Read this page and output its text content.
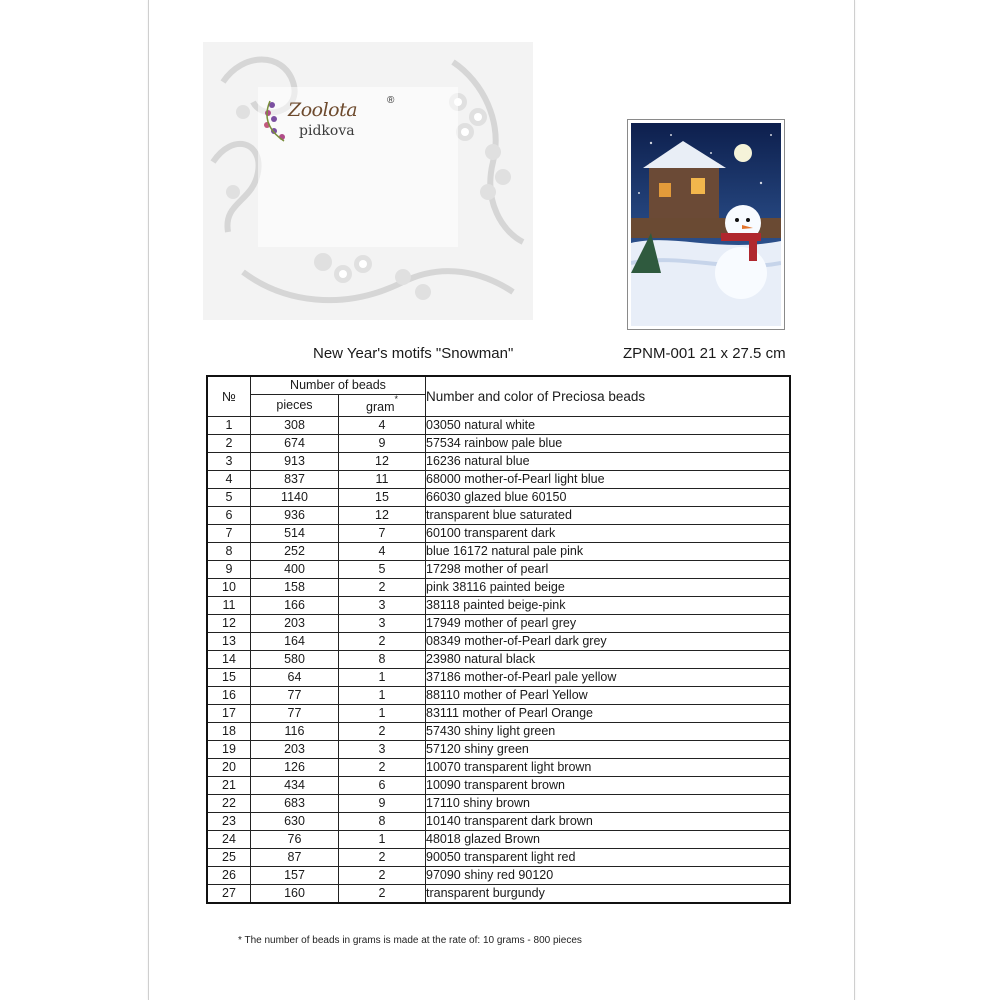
Zoolota	®
pidkova
New Year's motifs "Snowman"	ZPNM-001 21 x 27.5 cm
№	Number of beads		Number and color of Preciosa beads
	pieces	gram*
1	308	4	03050 natural white
2	674	9	57534 rainbow pale blue
3	913	12	16236 natural blue
4	837	11	68000 mother-of-Pearl light blue
5	1140	15	66030 glazed blue 60150
6	936	12	transparent blue saturated
7	514	7	60100 transparent dark
8	252	4	blue 16172 natural pale pink
9	400	5	17298 mother of pearl
10	158	2	pink 38116 painted beige
11	166	3	38118 painted beige-pink
12	203	3	17949 mother of pearl grey
13	164	2	08349 mother-of-Pearl dark grey
14	580	8	23980 natural black
15	64	1	37186 mother-of-Pearl pale yellow
16	77	1	88110 mother of Pearl Yellow
17	77	1	83111 mother of Pearl Orange
18	116	2	57430 shiny light green
19	203	3	57120 shiny green
20	126	2	10070 transparent light brown
21	434	6	10090 transparent brown
22	683	9	17110 shiny brown
23	630	8	10140 transparent dark brown
24	76	1	48018 glazed Brown
25	87	2	90050 transparent light red
26	157	2	97090 shiny red 90120
27	160	2	transparent burgundy
* The number of beads in grams is made at the rate of: 10 grams - 800 pieces
